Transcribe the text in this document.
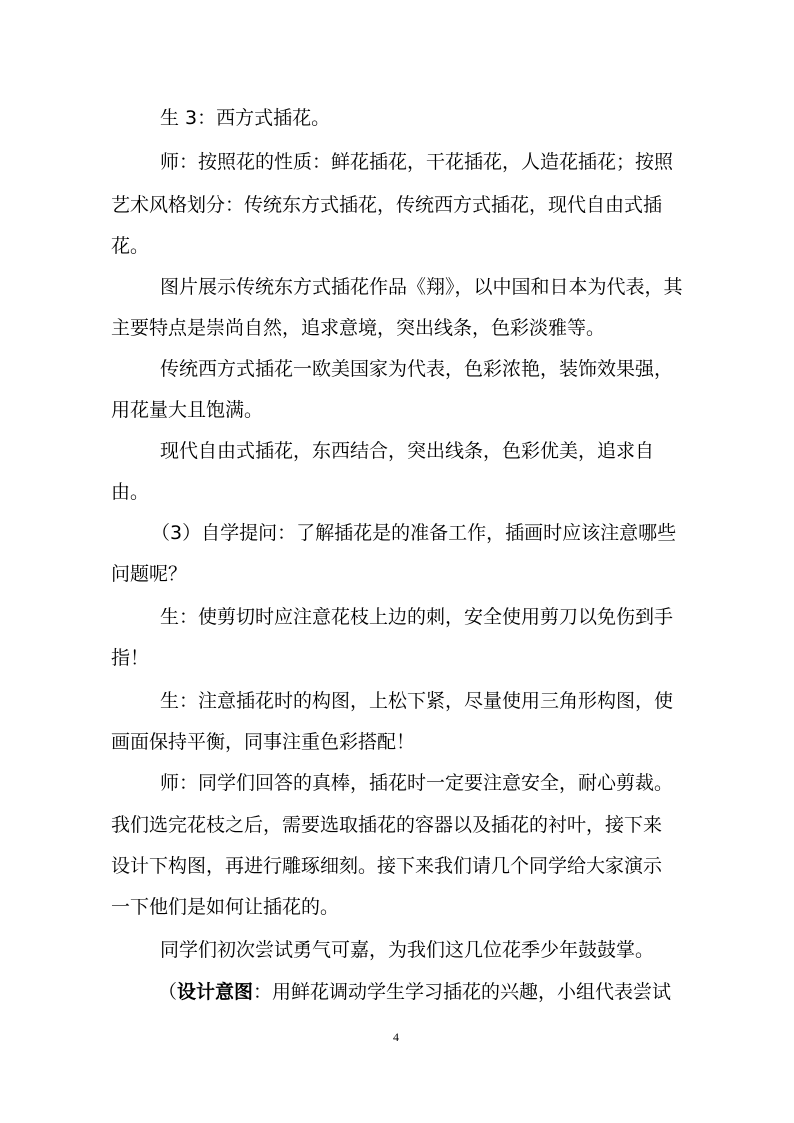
生 3：西方式插花。
师：按照花的性质：鲜花插花，干花插花，人造花插花；按照
艺术风格划分：传统东方式插花，传统西方式插花，现代自由式插
花。
图片展示传统东方式插花作品《翔》，以中国和日本为代表，其
主要特点是崇尚自然，追求意境，突出线条，色彩淡雅等。
传统西方式插花一欧美国家为代表，色彩浓艳，装饰效果强，
用花量大且饱满。
现代自由式插花，东西结合，突出线条，色彩优美，追求自
由。
（3）自学提问：了解插花是的准备工作，插画时应该注意哪些
问题呢？
生：使剪切时应注意花枝上边的刺，安全使用剪刀以免伤到手
指！
生：注意插花时的构图，上松下紧，尽量使用三角形构图，使
画面保持平衡，同事注重色彩搭配！
师：同学们回答的真棒，插花时一定要注意安全，耐心剪裁。
我们选完花枝之后，需要选取插花的容器以及插花的衬叶，接下来
设计下构图，再进行雕琢细刻。接下来我们请几个同学给大家演示
一下他们是如何让插花的。
同学们初次尝试勇气可嘉，为我们这几位花季少年鼓鼓掌。
（设计意图：用鲜花调动学生学习插花的兴趣，小组代表尝试
4
